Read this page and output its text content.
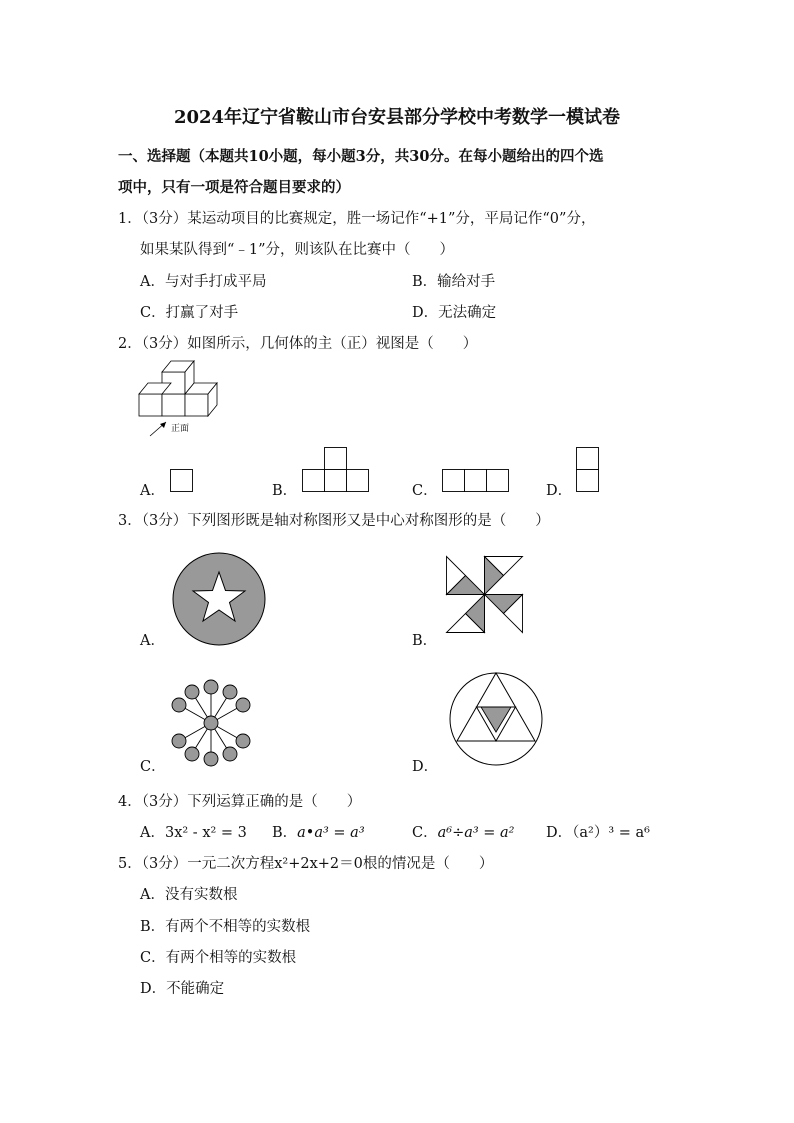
2024年辽宁省鞍山市台安县部分学校中考数学一模试卷
一、选择题（本题共10小题，每小题3分，共30分。在每小题给出的四个选
项中，只有一项是符合题目要求的）
1．（3分）某运动项目的比赛规定，胜一场记作“+1”分，平局记作“0”分，
如果某队得到“﹣1”分，则该队在比赛中（　　）
A．与对手打成平局	B．输给对手
C．打赢了对手	D．无法确定
2．（3分）如图所示，几何体的主（正）视图是（　　）
正面
A．	B．	C．	D．
3．（3分）下列图形既是轴对称图形又是中心对称图形的是（　　）
A．	B．
C．	D．
4．（3分）下列运算正确的是（　　）
A．3x² - x² = 3 B．a•a³ = a³	C．a⁶÷a³ = a² D．（a²）³ = a⁶
5．（3分）一元二次方程x²+2x+2＝0根的情况是（　　）
A．没有实数根
B．有两个不相等的实数根
C．有两个相等的实数根
D．不能确定
